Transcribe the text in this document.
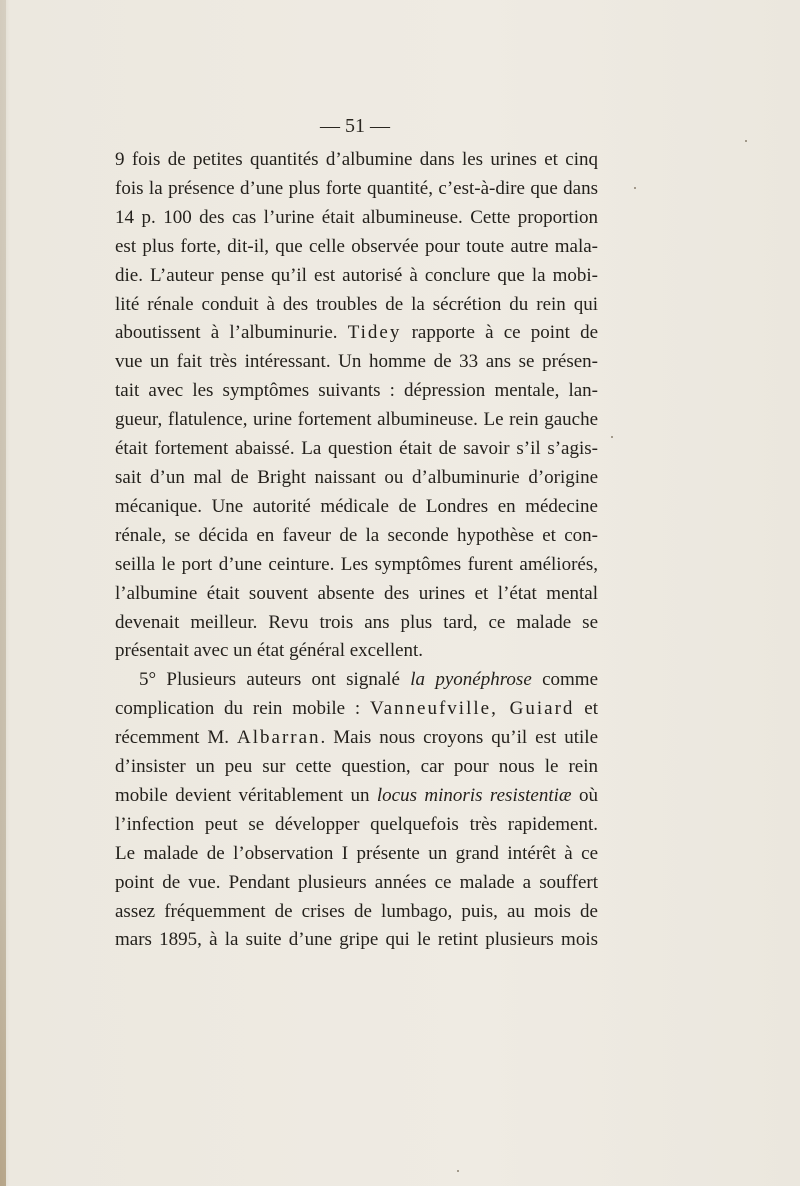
— 51 —
9 fois de petites quantités d’albumine dans les urines et cinq
fois la présence d’une plus forte quantité, c’est-à-dire que dans
14 p. 100 des cas l’urine était albumineuse. Cette proportion
est plus forte, dit-il, que celle observée pour toute autre mala-
die. L’auteur pense qu’il est autorisé à conclure que la mobi-
lité rénale conduit à des troubles de la sécrétion du rein qui
aboutissent à l’albuminurie. Tidey rapporte à ce point de
vue un fait très intéressant. Un homme de 33 ans se présen-
tait avec les symptômes suivants : dépression mentale, lan-
gueur, flatulence, urine fortement albumineuse. Le rein gauche
était fortement abaissé. La question était de savoir s’il s’agis-
sait d’un mal de Bright naissant ou d’albuminurie d’origine
mécanique. Une autorité médicale de Londres en médecine
rénale, se décida en faveur de la seconde hypothèse et con-
seilla le port d’une ceinture. Les symptômes furent améliorés,
l’albumine était souvent absente des urines et l’état mental
devenait meilleur. Revu trois ans plus tard, ce malade se
présentait avec un état général excellent.
5° Plusieurs auteurs ont signalé la pyonéphrose comme
complication du rein mobile : Vanneufville, Guiard et
récemment M. Albarran. Mais nous croyons qu’il est utile
d’insister un peu sur cette question, car pour nous le rein
mobile devient véritablement un locus minoris resistentiæ où
l’infection peut se développer quelquefois très rapidement.
Le malade de l’observation I présente un grand intérêt à ce
point de vue. Pendant plusieurs années ce malade a souffert
assez fréquemment de crises de lumbago, puis, au mois de
mars 1895, à la suite d’une gripe qui le retint plusieurs mois
